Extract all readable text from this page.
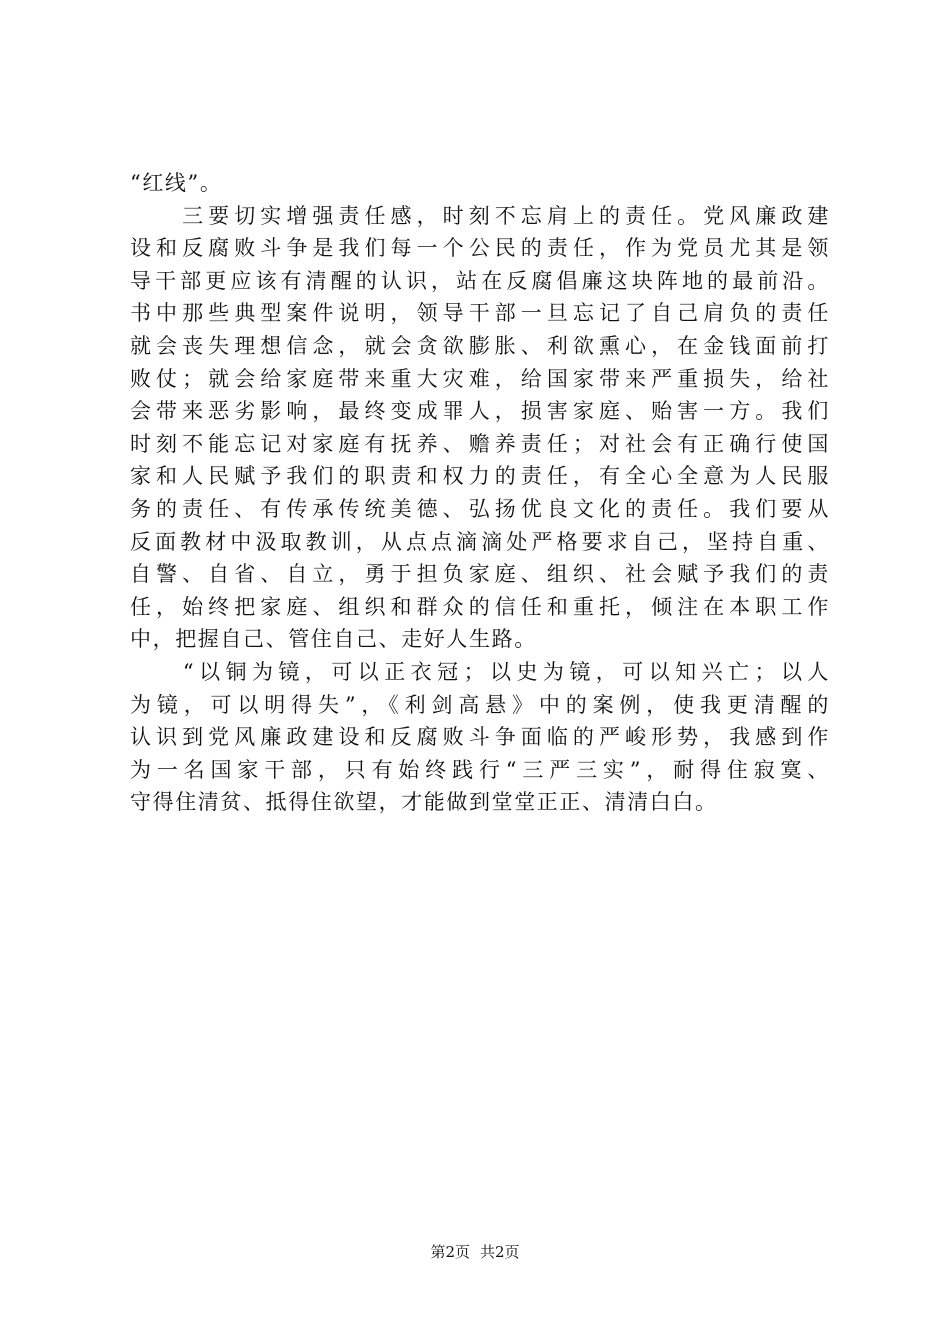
“红线”。
　　三要切实增强责任感，时刻不忘肩上的责任。党风廉政建
设和反腐败斗争是我们每一个公民的责任，作为党员尤其是领
导干部更应该有清醒的认识，站在反腐倡廉这块阵地的最前沿。
书中那些典型案件说明，领导干部一旦忘记了自己肩负的责任
就会丧失理想信念，就会贪欲膨胀、利欲熏心，在金钱面前打
败仗；就会给家庭带来重大灾难，给国家带来严重损失，给社
会带来恶劣影响，最终变成罪人，损害家庭、贻害一方。我们
时刻不能忘记对家庭有抚养、赡养责任；对社会有正确行使国
家和人民赋予我们的职责和权力的责任，有全心全意为人民服
务的责任、有传承传统美德、弘扬优良文化的责任。我们要从
反面教材中汲取教训，从点点滴滴处严格要求自己，坚持自重、
自警、自省、自立，勇于担负家庭、组织、社会赋予我们的责
任，始终把家庭、组织和群众的信任和重托，倾注在本职工作
中，把握自己、管住自己、走好人生路。
　　“以铜为镜，可以正衣冠；以史为镜，可以知兴亡；以人
为镜，可以明得失”，《利剑高悬》中的案例，使我更清醒的
认识到党风廉政建设和反腐败斗争面临的严峻形势，我感到作
为一名国家干部，只有始终践行“三严三实”，耐得住寂寞、
守得住清贫、抵得住欲望，才能做到堂堂正正、清清白白。
第2页 共2页
